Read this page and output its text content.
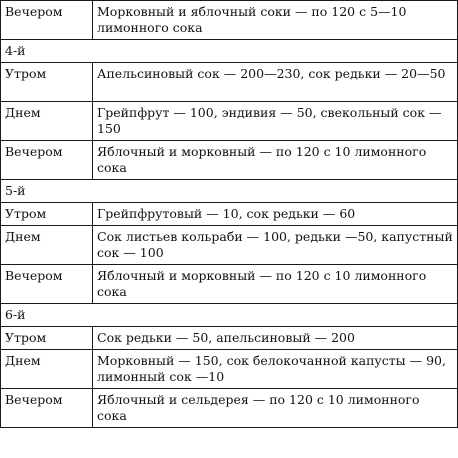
Вечером	Морковный и яблочный соки — по 120 с 5—10 лимонного сока
4-й	
Утром	Апельсиновый сок — 200—230, сок редьки — 20—50
Днем	Грейпфрут — 100, эндивия — 50, свекольный сок — 150
Вечером	Яблочный и морковный — по 120 с 10 лимонного сока
5-й	
Утром	Грейпфрутовый — 10, сок редьки — 60
Днем	Сок листьев кольраби — 100, редьки —50, капустный сок — 100
Вечером	Яблочный и морковный — по 120 с 10 лимонного сока
6-й	
Утром	Сок редьки — 50, апельсиновый — 200
Днем	Морковный — 150, сок белокочанной капусты — 90, лимонный сок —10
Вечером	Яблочный и сельдерея — по 120 с 10 лимонного сока
